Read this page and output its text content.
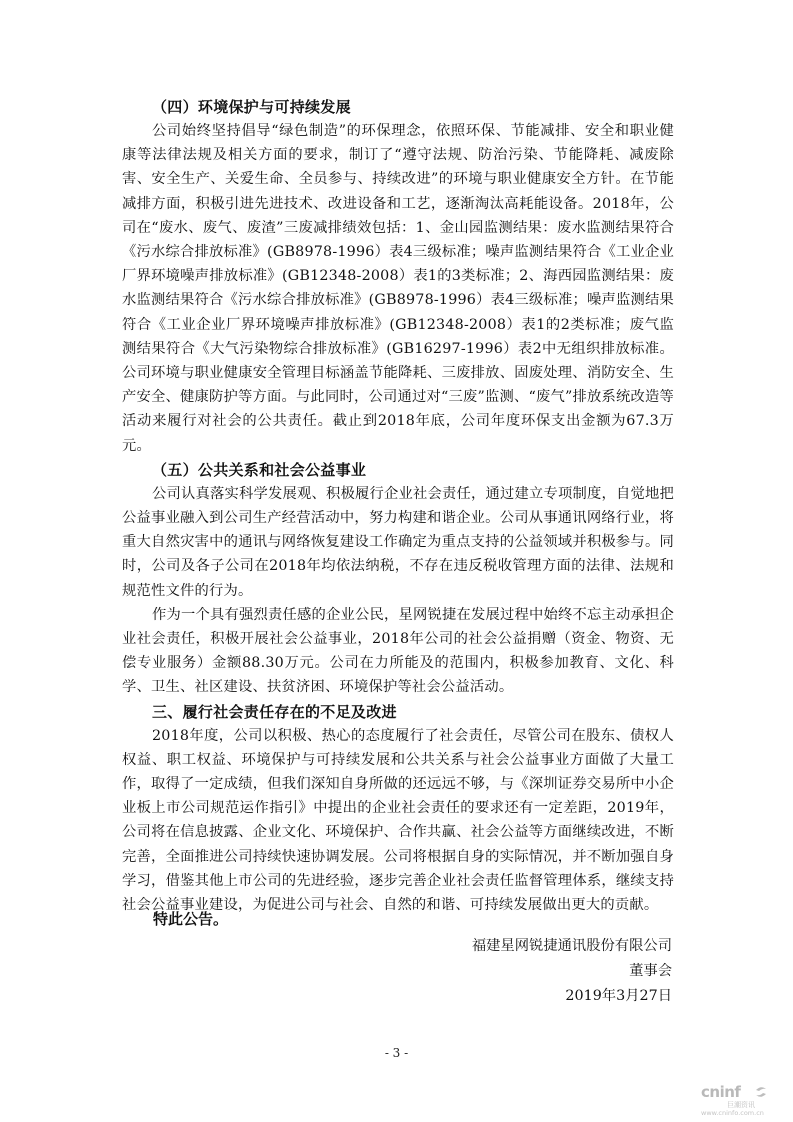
（四）环境保护与可持续发展

公司始终坚持倡导“绿色制造”的环保理念，依照环保、节能减排、安全和职业健康等法律法规及相关方面的要求，制订了“遵守法规、防治污染、节能降耗、减废除害、安全生产、关爱生命、全员参与、持续改进”的环境与职业健康安全方针。在节能减排方面，积极引进先进技术、改进设备和工艺，逐渐淘汰高耗能设备。2018年，公司在“废水、废气、废渣”三废减排绩效包括：1、金山园监测结果：废水监测结果符合《污水综合排放标准》(GB8978-1996）表4三级标准；噪声监测结果符合《工业企业厂界环境噪声排放标准》(GB12348-2008）表1的3类标准；2、海西园监测结果：废水监测结果符合《污水综合排放标准》(GB8978-1996）表4三级标准；噪声监测结果符合《工业企业厂界环境噪声排放标准》(GB12348-2008）表1的2类标准；废气监测结果符合《大气污染物综合排放标准》(GB16297-1996）表2中无组织排放标准。公司环境与职业健康安全管理目标涵盖节能降耗、三废排放、固废处理、消防安全、生产安全、健康防护等方面。与此同时，公司通过对“三废”监测、“废气”排放系统改造等活动来履行对社会的公共责任。截止到2018年底，公司年度环保支出金额为67.3万元。

（五）公共关系和社会公益事业

公司认真落实科学发展观、积极履行企业社会责任，通过建立专项制度，自觉地把公益事业融入到公司生产经营活动中，努力构建和谐企业。公司从事通讯网络行业，将重大自然灾害中的通讯与网络恢复建设工作确定为重点支持的公益领域并积极参与。同时，公司及各子公司在2018年均依法纳税，不存在违反税收管理方面的法律、法规和规范性文件的行为。

作为一个具有强烈责任感的企业公民，星网锐捷在发展过程中始终不忘主动承担企业社会责任，积极开展社会公益事业，2018年公司的社会公益捐赠（资金、物资、无偿专业服务）金额88.30万元。公司在力所能及的范围内，积极参加教育、文化、科学、卫生、社区建设、扶贫济困、环境保护等社会公益活动。

三、履行社会责任存在的不足及改进

2018年度，公司以积极、热心的态度履行了社会责任，尽管公司在股东、债权人权益、职工权益、环境保护与可持续发展和公共关系与社会公益事业方面做了大量工作，取得了一定成绩，但我们深知自身所做的还远远不够，与《深圳证券交易所中小企业板上市公司规范运作指引》中提出的企业社会责任的要求还有一定差距，2019年，公司将在信息披露、企业文化、环境保护、合作共赢、社会公益等方面继续改进，不断完善，全面推进公司持续快速协调发展。公司将根据自身的实际情况，并不断加强自身学习，借鉴其他上市公司的先进经验，逐步完善企业社会责任监督管理体系，继续支持社会公益事业建设，为促进公司与社会、自然的和谐、可持续发展做出更大的贡献。

特此公告。
福建星网锐捷通讯股份有限公司
董事会
2019年3月27日
- 3 -
cninf
巨潮资讯
www.cninfo.com.cn
